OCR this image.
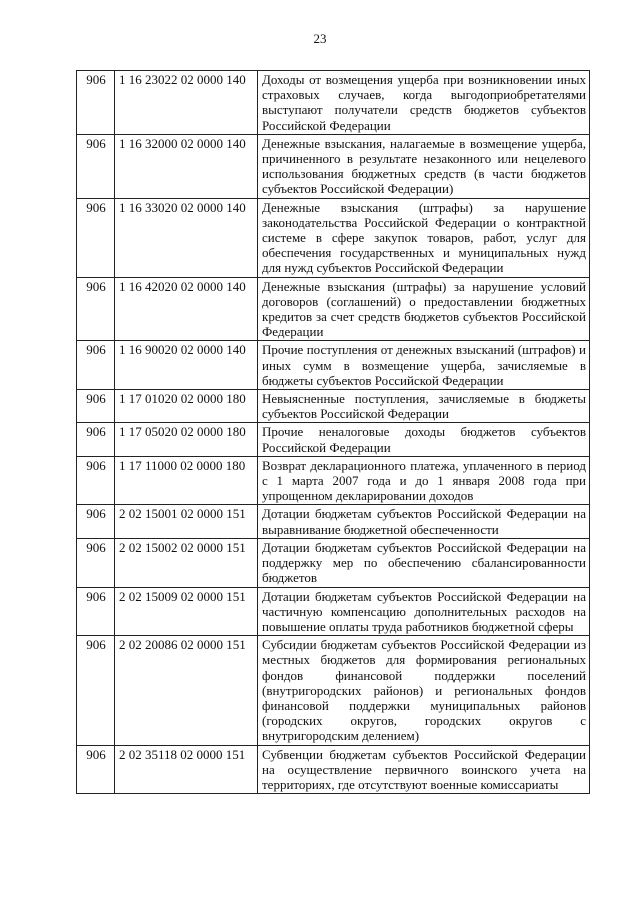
23
906	1 16 23022 02 0000 140	Доходы от возмещения ущерба при возникновении иных страховых случаев, когда выгодоприобретателями выступают получатели средств бюджетов субъектов Российской Федерации
906	1 16 32000 02 0000 140	Денежные взыскания, налагаемые в возмещение ущерба, причиненного в результате незаконного или нецелевого использования бюджетных средств (в части бюджетов субъектов Российской Федерации)
906	1 16 33020 02 0000 140	Денежные взыскания (штрафы) за нарушение законодательства Российской Федерации о контрактной системе в сфере закупок товаров, работ, услуг для обеспечения государственных и муниципальных нужд для нужд субъектов Российской Федерации
906	1 16 42020 02 0000 140	Денежные взыскания (штрафы) за нарушение условий договоров (соглашений) о предоставлении бюджетных кредитов за счет средств бюджетов субъектов Российской Федерации
906	1 16 90020 02 0000 140	Прочие поступления от денежных взысканий (штрафов) и иных сумм в возмещение ущерба, зачисляемые в бюджеты субъектов Российской Федерации
906	1 17 01020 02 0000 180	Невыясненные поступления, зачисляемые в бюджеты субъектов Российской Федерации
906	1 17 05020 02 0000 180	Прочие неналоговые доходы бюджетов субъектов Российской Федерации
906	1 17 11000 02 0000 180	Возврат декларационного платежа, уплаченного в период с 1 марта 2007 года и до 1 января 2008 года при упрощенном декларировании доходов
906	2 02 15001 02 0000 151	Дотации бюджетам субъектов Российской Федерации на выравнивание бюджетной обеспеченности
906	2 02 15002 02 0000 151	Дотации бюджетам субъектов Российской Федерации на поддержку мер по обеспечению сбалансированности бюджетов
906	2 02 15009 02 0000 151	Дотации бюджетам субъектов Российской Федерации на частичную компенсацию дополнительных расходов на повышение оплаты труда работников бюджетной сферы
906	2 02 20086 02 0000 151	Субсидии бюджетам субъектов Российской Федерации из местных бюджетов для формирования региональных фондов финансовой поддержки поселений (внутригородских районов) и региональных фондов финансовой поддержки муниципальных районов (городских округов, городских округов с внутригородским делением)
906	2 02 35118 02 0000 151	Субвенции бюджетам субъектов Российской Федерации на осуществление первичного воинского учета на территориях, где отсутствуют военные комиссариаты
